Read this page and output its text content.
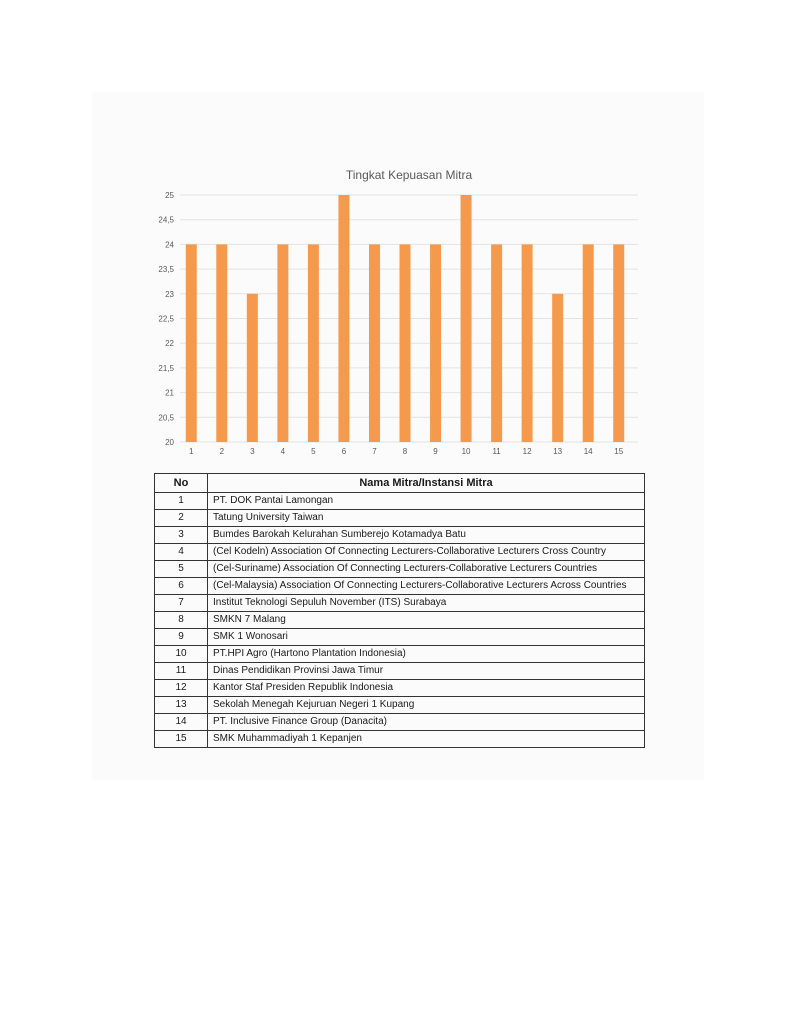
Tingkat Kepuasan Mitra
20
20,5
21
21,5
22
22,5
23
23,5
24
24,5
25
1	2	3	4	5	6	7	8	9	10	11	12	13	14	15
No	Nama Mitra/Instansi Mitra
1	PT. DOK Pantai Lamongan
2	Tatung University Taiwan
3	Bumdes Barokah Kelurahan Sumberejo Kotamadya Batu
4	(Cel Kodeln) Association Of Connecting Lecturers-Collaborative Lecturers Cross Country
5	(Cel-Suriname) Association Of Connecting Lecturers-Collaborative Lecturers Countries
6	(Cel-Malaysia) Association Of Connecting Lecturers-Collaborative Lecturers Across Countries
7	Institut Teknologi Sepuluh November (ITS) Surabaya
8	SMKN 7 Malang
9	SMK 1 Wonosari
10	PT.HPI Agro (Hartono Plantation Indonesia)
11	Dinas Pendidikan Provinsi Jawa Timur
12	Kantor Staf Presiden Republik Indonesia
13	Sekolah Menegah Kejuruan Negeri 1 Kupang
14	PT. Inclusive Finance Group (Danacita)
15	SMK Muhammadiyah 1 Kepanjen
